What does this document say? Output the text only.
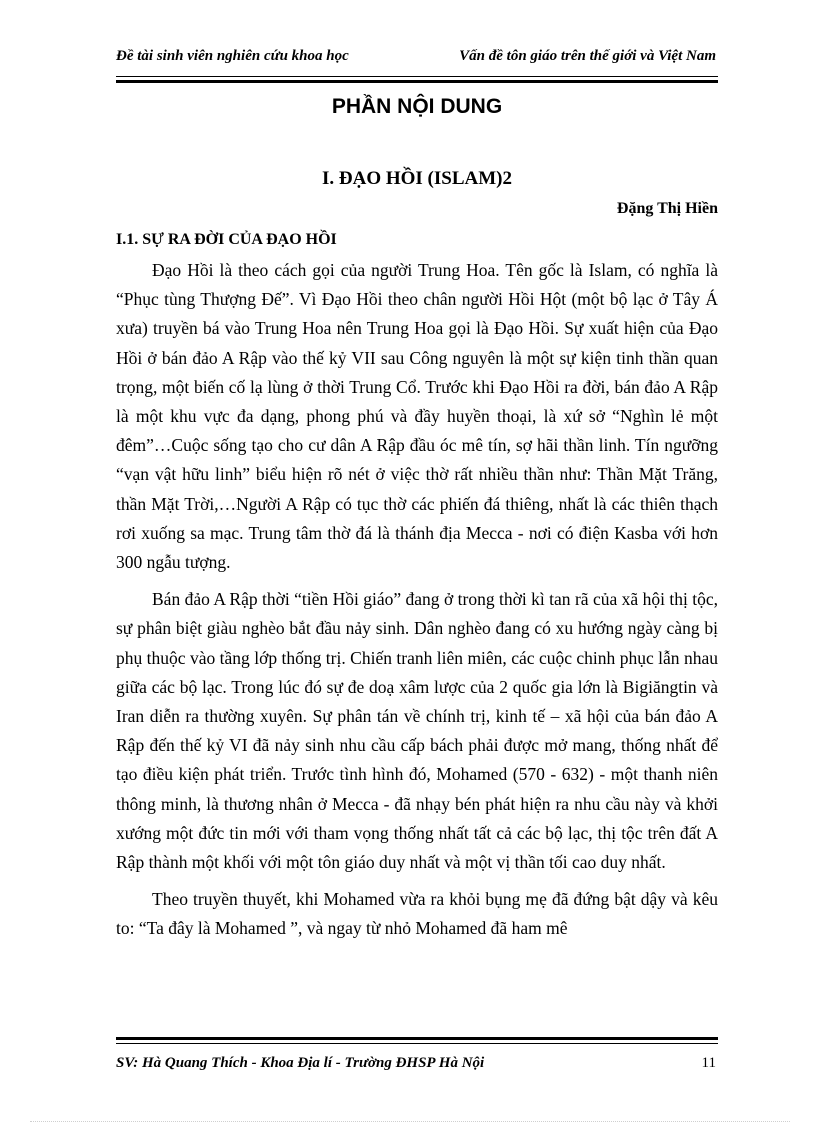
Đề tài sinh viên nghiên cứu khoa học	Vấn đề tôn giáo trên thế giới và Việt Nam
PHẦN NỘI DUNG
I. ĐẠO HỒI (ISLAM)2
Đặng Thị Hiền
I.1. SỰ RA ĐỜI CỦA ĐẠO HỒI

Đạo Hồi là theo cách gọi của người Trung Hoa. Tên gốc là Islam, có nghĩa là “Phục tùng Thượng Đế”. Vì Đạo Hồi theo chân người Hồi Hột (một bộ lạc ở Tây Á xưa) truyền bá vào Trung Hoa nên Trung Hoa gọi là Đạo Hồi. Sự xuất hiện của Đạo Hồi ở bán đảo A Rập vào thế kỷ VII sau Công nguyên là một sự kiện tinh thần quan trọng, một biến cố lạ lùng ở thời Trung Cổ. Trước khi Đạo Hồi ra đời, bán đảo A Rập là một khu vực đa dạng, phong phú và đầy huyền thoại, là xứ sở “Nghìn lẻ một đêm”…Cuộc sống tạo cho cư dân A Rập đầu óc mê tín, sợ hãi thần linh. Tín ngưỡng “vạn vật hữu linh” biểu hiện rõ nét ở việc thờ rất nhiều thần như: Thần Mặt Trăng, thần Mặt Trời,…Người A Rập có tục thờ các phiến đá thiêng, nhất là các thiên thạch rơi xuống sa mạc. Trung tâm thờ đá là thánh địa Mecca - nơi có điện Kasba với hơn 300 ngẫu tượng.

Bán đảo A Rập thời “tiền Hồi giáo” đang ở trong thời kì tan rã của xã hội thị tộc, sự phân biệt giàu nghèo bắt đầu nảy sinh. Dân nghèo đang có xu hướng ngày càng bị phụ thuộc vào tầng lớp thống trị. Chiến tranh liên miên, các cuộc chinh phục lẫn nhau giữa các bộ lạc. Trong lúc đó sự đe doạ xâm lược của 2 quốc gia lớn là Bigiăngtin và Iran diễn ra thường xuyên. Sự phân tán về chính trị, kinh tế – xã hội của bán đảo A Rập đến thế kỷ VI đã nảy sinh nhu cầu cấp bách phải được mở mang, thống nhất để tạo điều kiện phát triển. Trước tình hình đó, Mohamed (570 - 632) - một thanh niên thông minh, là thương nhân ở Mecca - đã nhạy bén phát hiện ra nhu cầu này và khởi xướng một đức tin mới với tham vọng thống nhất tất cả các bộ lạc, thị tộc trên đất A Rập thành một khối với một tôn giáo duy nhất và một vị thần tối cao duy nhất.

Theo truyền thuyết, khi Mohamed vừa ra khỏi bụng mẹ đã đứng bật dậy và kêu to: “Ta đây là Mohamed ”, và ngay từ nhỏ Mohamed đã ham mê

SV: Hà Quang Thích - Khoa Địa lí - Trường ĐHSP Hà Nội	11
